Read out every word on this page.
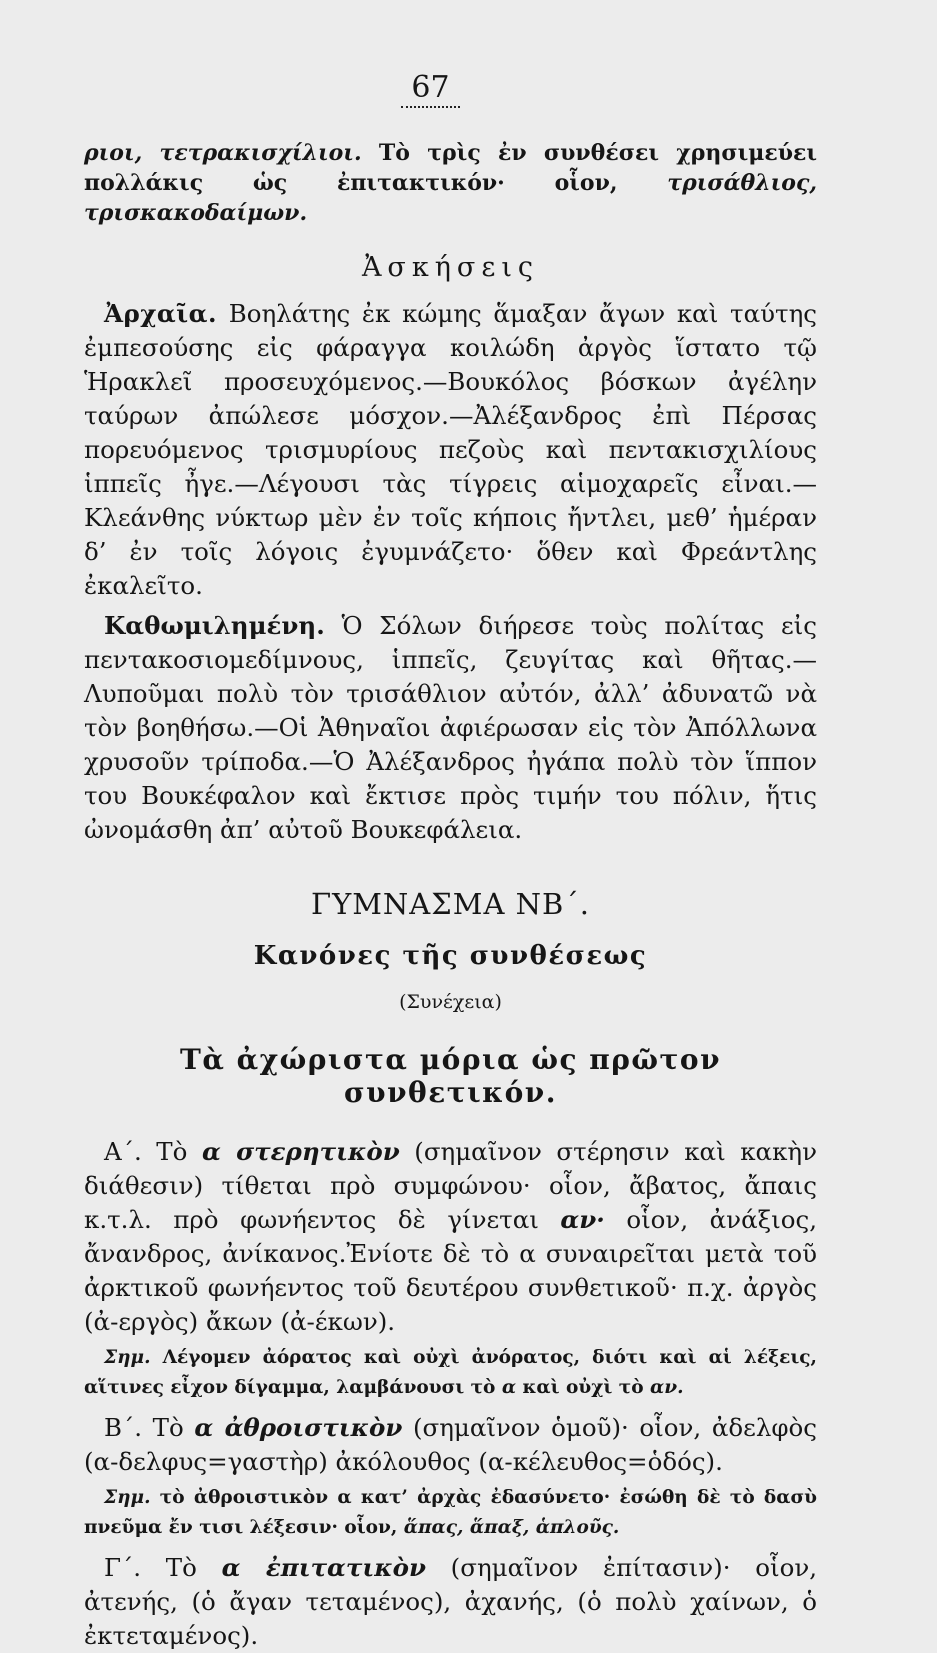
67

ριοι, τετρακισχίλιοι. Τὸ τρὶς ἐν συνθέσει χρησιμεύει πολλάκις ὡς ἐπιτακτικόν· οἷον, τρισάθλιος, τρισκακοδαίμων.

Ἀσκήσεις

Ἀρχαῖα. Βοηλάτης ἐκ κώμης ἅμαξαν ἄγων καὶ ταύτης ἐμπεσούσης εἰς φάραγγα κοιλώδη ἀργὸς ἵστατο τῷ Ἡρακλεῖ προσευχόμενος.—Βουκόλος βόσκων ἀγέλην ταύρων ἀπώλεσε μόσχον.—Ἀλέξανδρος ἐπὶ Πέρσας πορευόμενος τρισμυρίους πεζοὺς καὶ πεντακισχιλίους ἱππεῖς ἦγε.—Λέγουσι τὰς τίγρεις αἱμοχαρεῖς εἶναι.—Κλεάνθης νύκτωρ μὲν ἐν τοῖς κήποις ἤντλει, μεθ’ ἡμέραν δ’ ἐν τοῖς λόγοις ἐγυμνάζετο· ὅθεν καὶ Φρεάντλης ἐκαλεῖτο.

Καθωμιλημένη. Ὁ Σόλων διήρεσε τοὺς πολίτας εἰς πεντακοσιομεδίμνους, ἱππεῖς, ζευγίτας καὶ θῆτας.—Λυποῦμαι πολὺ τὸν τρισάθλιον αὐτόν, ἀλλ’ ἀδυνατῶ νὰ τὸν βοηθήσω.—Οἱ Ἀθηναῖοι ἀφιέρωσαν εἰς τὸν Ἀπόλλωνα χρυσοῦν τρίποδα.—Ὁ Ἀλέξανδρος ἠγάπα πολὺ τὸν ἵππον του Βουκέφαλον καὶ ἔκτισε πρὸς τιμήν του πόλιν, ἥτις ὠνομάσθη ἀπ’ αὐτοῦ Βουκεφάλεια.

ΓΥΜΝΑΣΜΑ ΝΒ΄.
Κανόνες τῆς συνθέσεως
(Συνέχεια)
Τὰ ἀχώριστα μόρια ὡς πρῶτον συνθετικόν.

Α΄. Τὸ α στερητικὸν (σημαῖνον στέρησιν καὶ κακὴν διάθεσιν) τίθεται πρὸ συμφώνου· οἷον, ἄβατος, ἄπαις κ.τ.λ. πρὸ φωνήεντος δὲ γίνεται αν· οἷον, ἀνάξιος, ἄνανδρος, ἀνίκανος.Ἐνίοτε δὲ τὸ α συναιρεῖται μετὰ τοῦ ἀρκτικοῦ φωνήεντος τοῦ δευτέρου συνθετικοῦ· π.χ. ἀργὸς (ἀ-εργὸς) ἄκων (ἀ-έκων).

Σημ. Λέγομεν ἀόρατος καὶ οὐχὶ ἀνόρατος, διότι καὶ αἱ λέξεις, αἵτινες εἶχον δίγαμμα, λαμβάνουσι τὸ α καὶ οὐχὶ τὸ αν.

Β΄. Τὸ α ἀθροιστικὸν (σημαῖνον ὁμοῦ)· οἷον, ἀδελφὸς (α-δελφυς=γαστὴρ) ἀκόλουθος (α-κέλευθος=ὁδός).

Σημ. τὸ ἀθροιστικὸν α κατ’ ἀρχὰς ἐδασύνετο· ἐσώθη δὲ τὸ δασὺ πνεῦμα ἔν τισι λέξεσιν· οἷον, ἅπας, ἅπαξ, ἁπλοῦς.

Γ΄. Τὸ α ἐπιτατικὸν (σημαῖνον ἐπίτασιν)· οἷον, ἀτενής, (ὁ ἄγαν τεταμένος), ἀχανής, (ὁ πολὺ χαίνων, ὁ ἐκτεταμένος).
